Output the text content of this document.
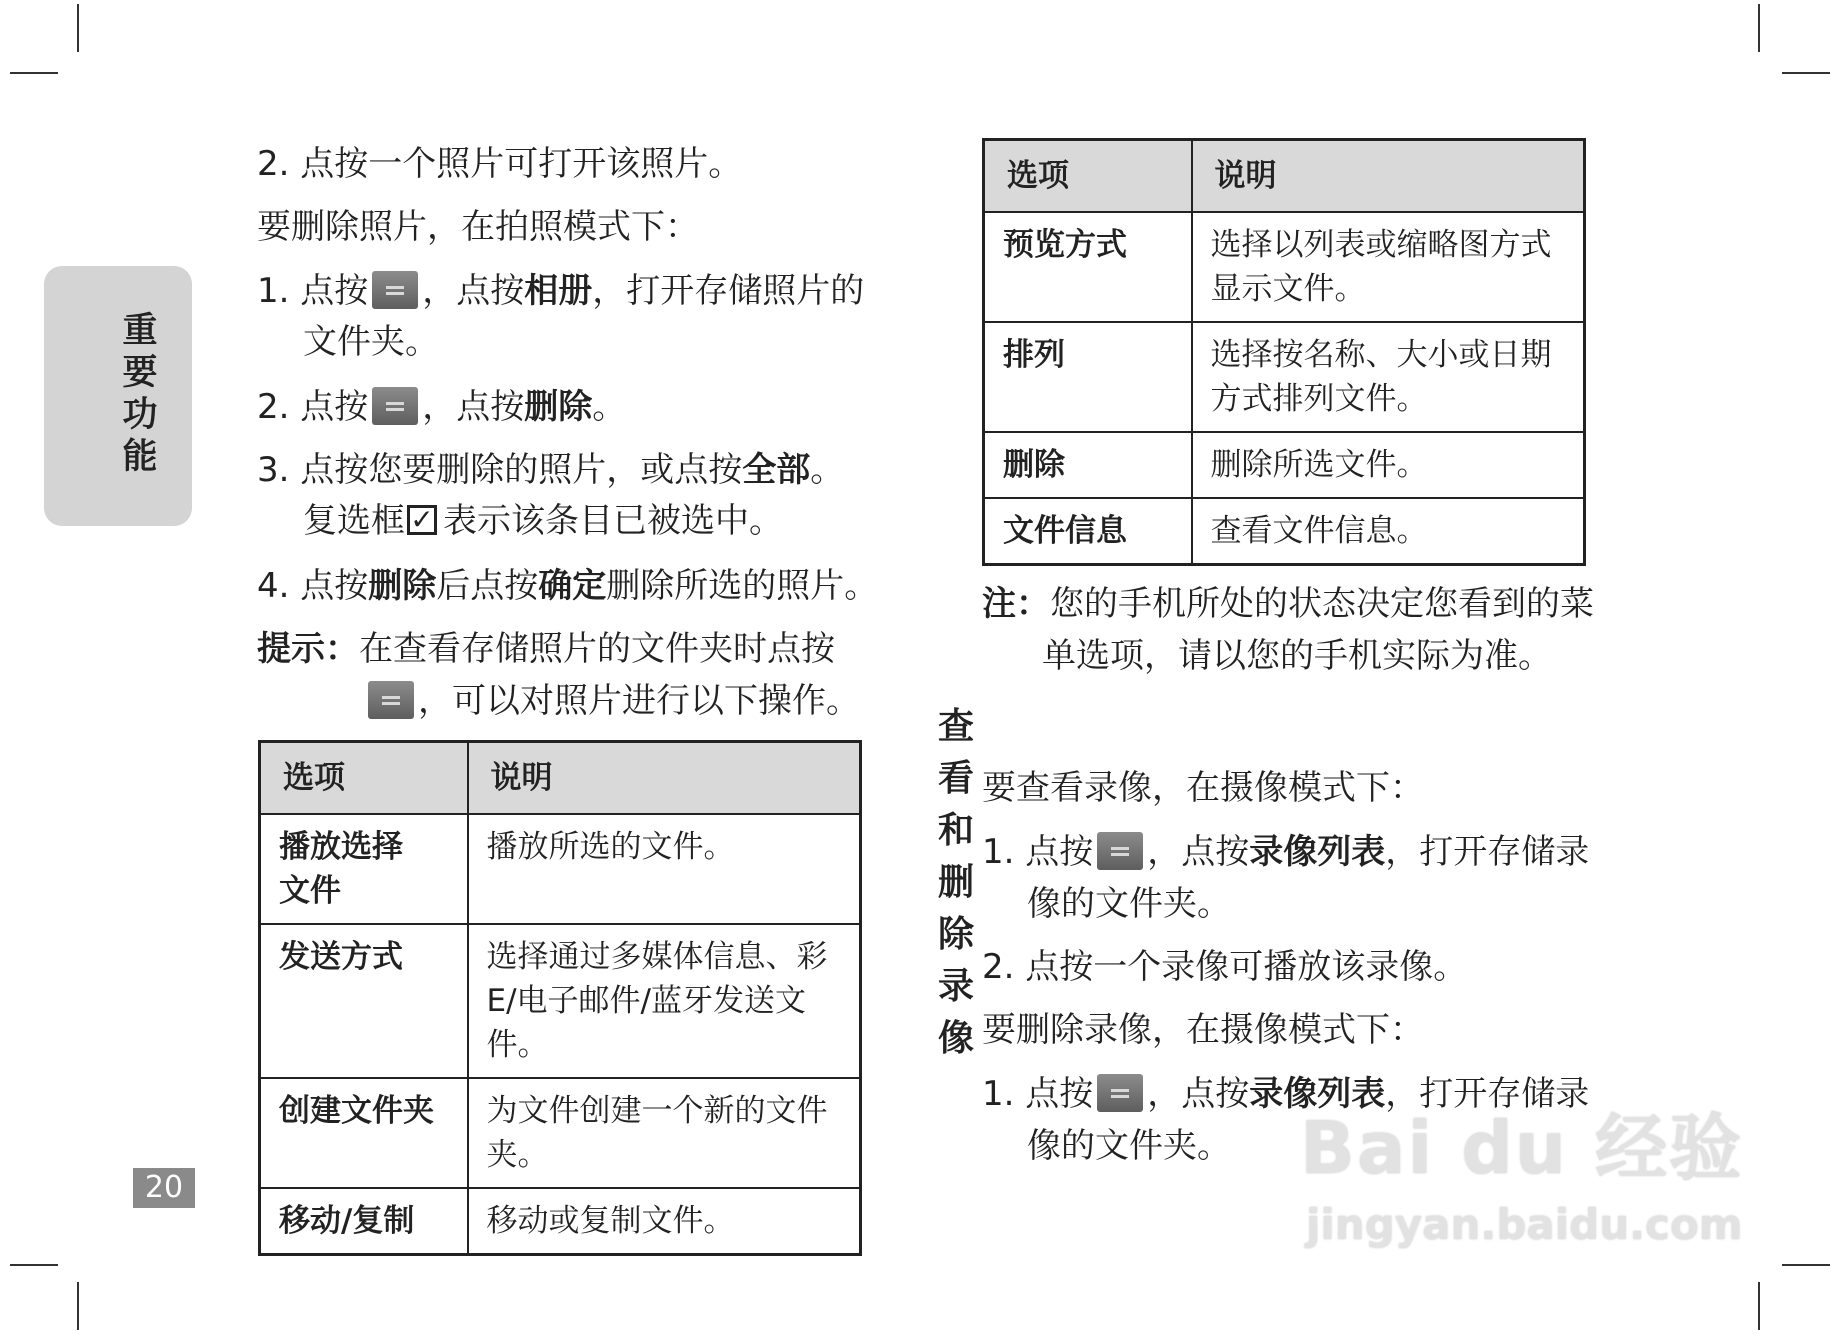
重要功能
20
2. 点按一个照片可打开该照片。
要删除照片，在拍照模式下：
1. 点按 ，点按相册，打开存储照片的
文件夹。
2. 点按 ，点按删除。
3. 点按您要删除的照片，或点按全部。
复选框 ✓ 表示该条目已被选中。
4. 点按删除后点按确定删除所选的照片。
提示：在查看存储照片的文件夹时点按
，可以对照片进行以下操作。
选项	说明

播放选择文件	播放所选的文件。
发送方式	选择通过多媒体信息、彩E/电子邮件/蓝牙发送文件。
创建文件夹	为文件创建一个新的文件夹。
移动/复制	移动或复制文件。
选项	说明
预览方式	选择以列表或缩略图方式显示文件。
排列	选择按名称、大小或日期方式排列文件。
删除	删除所选文件。
文件信息	查看文件信息。
注：您的手机所处的状态决定您看到的菜
单选项，请以您的手机实际为准。
查看和删除录像
要查看录像，在摄像模式下：
1. 点按 ，点按录像列表，打开存储录
像的文件夹。
2. 点按一个录像可播放该录像。
要删除录像，在摄像模式下：
1. 点按 ，点按录像列表，打开存储录
像的文件夹。 Bai du 经验
jingyan.baidu.com
